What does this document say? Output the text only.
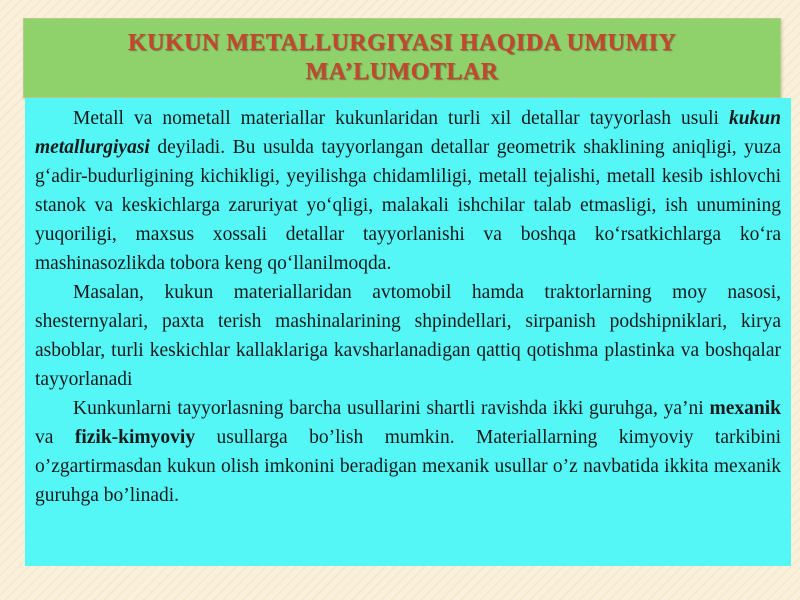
KUKUN METALLURGIYASI HAQIDA UMUMIY
MA’LUMOTLAR

Metall va nometall materiallar kukunlaridan turli xil detallar tayyorlash usuli kukun metallurgiyasi deyiladi. Bu usulda tayyorlangan detallar geometrik shaklining aniqligi, yuza g‘adir-budurligining kichikligi, yeyilishga chidamliligi, metall tejalishi, metall kesib ishlovchi stanok va keskichlarga zaruriyat yo‘qligi, malakali ishchilar talab etmasligi, ish unumining yuqoriligi, maxsus xossali detallar tayyorlanishi va boshqa ko‘rsatkichlarga ko‘ra mashinasozlikda tobora keng qo‘llanilmoqda.

Masalan, kukun materiallaridan avtomobil hamda traktorlarning moy nasosi, shesternyalari, paxta terish mashinalarining shpindellari, sirpanish podshipniklari, kirya asboblar, turli keskichlar kallaklariga kavsharlanadigan qattiq qotishma plastinka va boshqalar tayyorlanadi

Kunkunlarni tayyorlasning barcha usullarini shartli ravishda ikki guruhga, ya’ni mexanik va fizik-kimyoviy usullarga bo’lish mumkin. Materiallarning kimyoviy tarkibini o’zgartirmasdan kukun olish imkonini beradigan mexanik usullar o’z navbatida ikkita mexanik guruhga bo’linadi.
